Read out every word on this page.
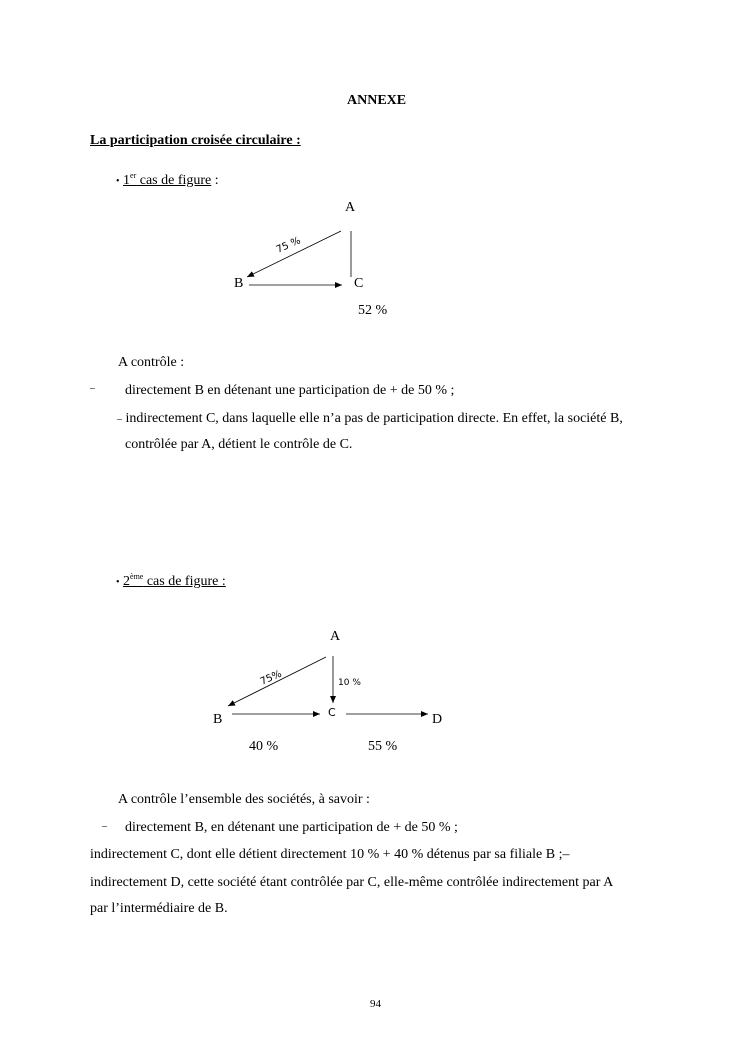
ANNEXE
La participation croisée circulaire :
• 1er cas de figure :
75 %
A
B	C
52 %
A contrôle :
– directement B en détenant une participation de + de 50 % ;
– indirectement C, dans laquelle elle n’a pas de participation directe. En effet, la société B,
contrôlée par A, détient le contrôle de C.
• 2ème cas de figure :
75%	10 %
A
B	C	D
40 %	55 %
A contrôle l’ensemble des sociétés, à savoir :
– directement B, en détenant une participation de + de 50 % ;
indirectement C, dont elle détient directement 10 % + 40 % détenus par sa filiale B ;–
indirectement D, cette société étant contrôlée par C, elle-même contrôlée indirectement par A
par l’intermédiaire de B.
94
